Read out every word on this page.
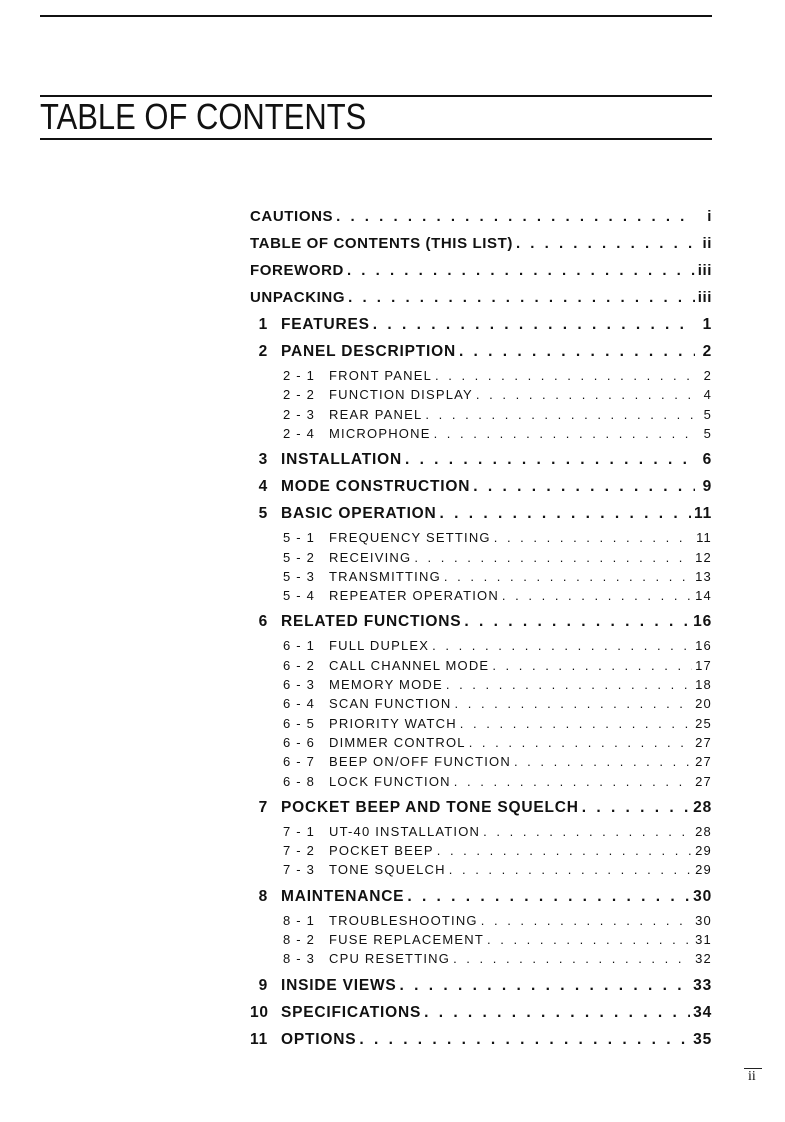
TABLE OF CONTENTS
CAUTIONS . . .	i
TABLE OF CONTENTS (THIS LIST) . . .	ii
FOREWORD . . .	iii
UNPACKING . . .	iii
1 FEATURES . . .	1
2 PANEL DESCRIPTION . . .	2
2 - 1 FRONT PANEL . . .	2
2 - 2 FUNCTION DISPLAY . . .	4
2 - 3 REAR PANEL . . .	5
2 - 4 MICROPHONE . . .	5
3 INSTALLATION . . .	6
4 MODE CONSTRUCTION . . .	9
5 BASIC OPERATION . . .	11
5 - 1 FREQUENCY SETTING . . .	11
5 - 2 RECEIVING . . .	12
5 - 3 TRANSMITTING . . .	13
5 - 4 REPEATER OPERATION . . .	14
6 RELATED FUNCTIONS . . .	16
6 - 1 FULL DUPLEX . . .	16
6 - 2 CALL CHANNEL MODE . . .	17
6 - 3 MEMORY MODE . . .	18
6 - 4 SCAN FUNCTION . . .	20
6 - 5 PRIORITY WATCH . . .	25
6 - 6 DIMMER CONTROL . . .	27
6 - 7 BEEP ON/OFF FUNCTION . . .	27
6 - 8 LOCK FUNCTION . . .	27
7 POCKET BEEP AND TONE SQUELCH . . .	28
7 - 1 UT-40 INSTALLATION . . .	28
7 - 2 POCKET BEEP . . .	29
7 - 3 TONE SQUELCH . . .	29
8 MAINTENANCE . . .	30
8 - 1 TROUBLESHOOTING . . .	30
8 - 2 FUSE REPLACEMENT . . .	31
8 - 3 CPU RESETTING . . .	32
9 INSIDE VIEWS . . .	33
10 SPECIFICATIONS . . .	34
11 OPTIONS . . .	35
ii
